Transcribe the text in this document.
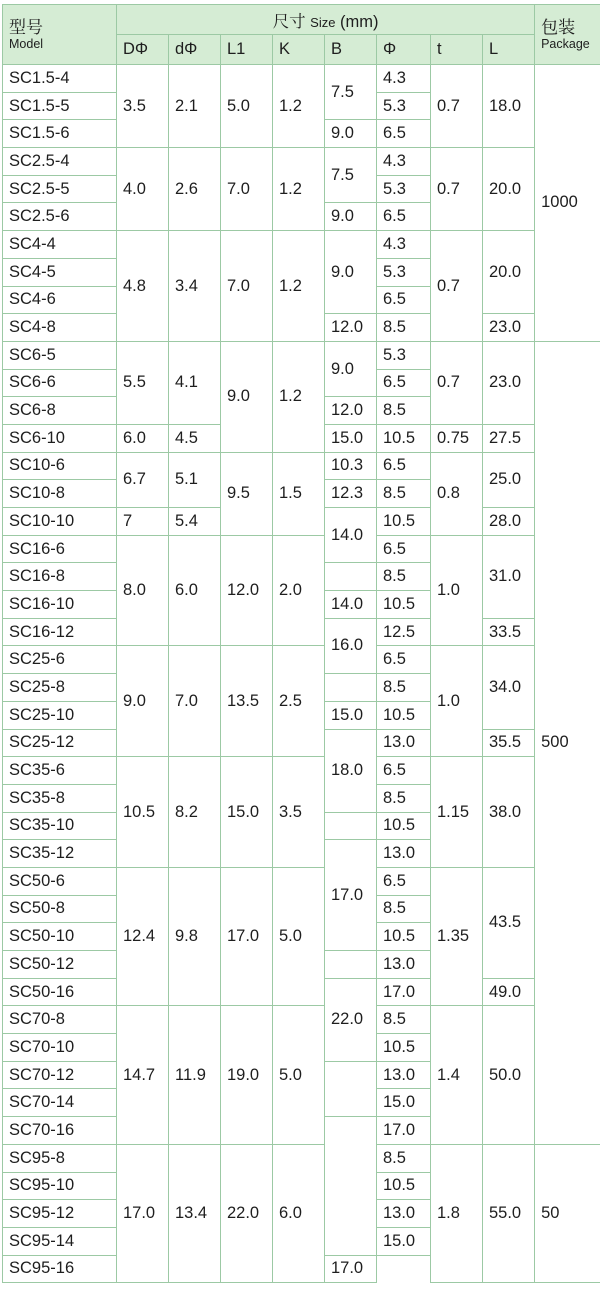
型号
Model	尺寸 Size (mm)								包装
Package

	DΦ	dΦ	L1	K	B	Φ	t	L	
SC1.5-4	3.5	2.1	5.0	1.2	7.5	4.3	0.7	18.0	1000
SC1.5-5						5.3			
SC1.5-6					9.0	6.5			
SC2.5-4	4.0	2.6	7.0	1.2	7.5	4.3	0.7	20.0	
SC2.5-5						5.3			
SC2.5-6					9.0	6.5			
SC4-4	4.8	3.4	7.0	1.2	9.0	4.3	0.7	20.0	
SC4-5						5.3			
SC4-6						6.5			
SC4-8					12.0	8.5		23.0	
SC6-5	5.5	4.1	9.0	1.2	9.0	5.3	0.7	23.0	500
SC6-6						6.5			
SC6-8					12.0	8.5			
SC6-10	6.0	4.5			15.0	10.5	0.75	27.5	
SC10-6	6.7	5.1	9.5	1.5	10.3	6.5	0.8	25.0	
SC10-8					12.3	8.5			
SC10-10	7	5.4			14.0	10.5		28.0	
SC16-6	8.0	6.0	12.0	2.0		6.5	1.0	31.0	
SC16-8						8.5			
SC16-10					14.0	10.5			
SC16-12					16.0	12.5		33.5	
SC25-6	9.0	7.0	13.5	2.5		6.5	1.0	34.0	
SC25-8						8.5			
SC25-10					15.0	10.5			
SC25-12					18.0	13.0		35.5	
SC35-6	10.5	8.2	15.0	3.5		6.5	1.15	38.0	
SC35-8						8.5			
SC35-10						10.5			
SC35-12					17.0	13.0			
SC50-6	12.4	9.8	17.0	5.0		6.5	1.35	43.5	
SC50-8						8.5			
SC50-10						10.5			
SC50-12						13.0			
SC50-16					22.0	17.0		49.0	
SC70-8	14.7	11.9	19.0	5.0		8.5	1.4	50.0	
SC70-10						10.5			
SC70-12						13.0			
SC70-14						15.0			
SC70-16						17.0			
SC95-8	17.0	13.4	22.0	6.0		8.5	1.8	55.0	50
SC95-10						10.5			
SC95-12						13.0			
SC95-14						15.0			
SC95-16					17.0				
